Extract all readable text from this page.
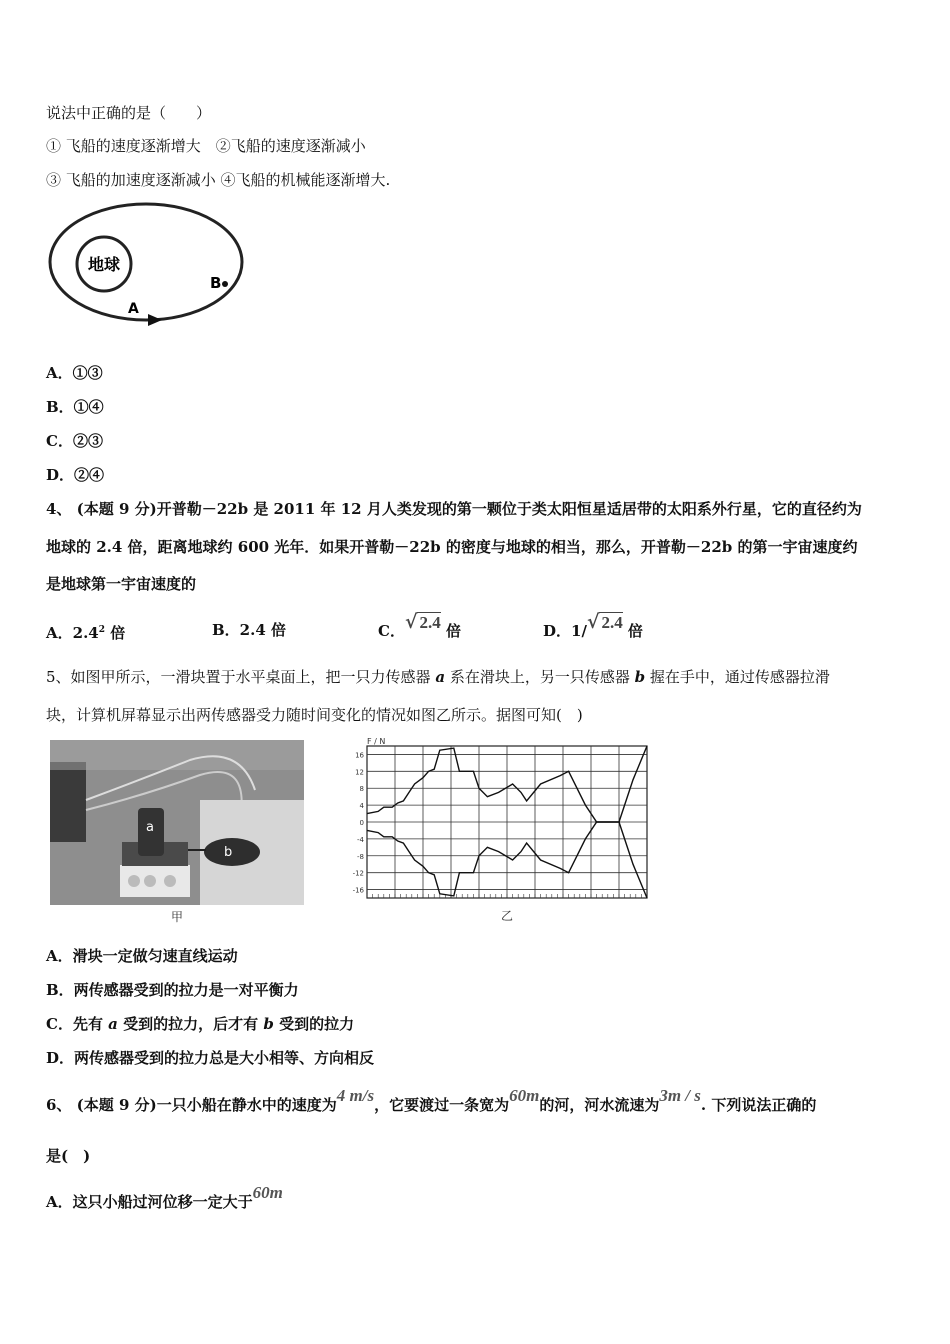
说法中正确的是（　　）
① 飞船的速度逐渐增大　②飞船的速度逐渐减小
③ 飞船的加速度逐渐减小 ④飞船的机械能逐渐增大.
地球
A
B
A．①③
B．①④
C．②③
D．②④
4、 (本题 9 分)开普勒－22b 是 2011 年 12 月人类发现的第一颗位于类太阳恒星适居带的太阳系外行星，它的直径约为
地球的 2.4 倍，距离地球约 600 光年．如果开普勒－22b 的密度与地球的相当，那么，开普勒－22b 的第一宇宙速度约
是地球第一宇宙速度的
A．$2.4^2$ 倍	B．2.4 倍	C．√ 2.4 倍	D．1/√ 2.4 倍
5、如图甲所示，一滑块置于水平桌面上，把一只力传感器 a 系在滑块上，另一只传感器 b 握在手中，通过传感器拉滑
块，计算机屏幕显示出两传感器受力随时间变化的情况如图乙所示。据图可知(　)
a
b
甲
F / N
乙
16
12
8
4
0
-4
-8
-12
-16
A．滑块一定做匀速直线运动
B．两传感器受到的拉力是一对平衡力
C．先有 a 受到的拉力，后才有 b 受到的拉力
D．两传感器受到的拉力总是大小相等、方向相反
6、 (本题 9 分)一只小船在静水中的速度为4 m/s，它要渡过一条宽为60m的河，河水流速为3m / s. 下列说法正确的
是(　)
A．这只小船过河位移一定大于60m
